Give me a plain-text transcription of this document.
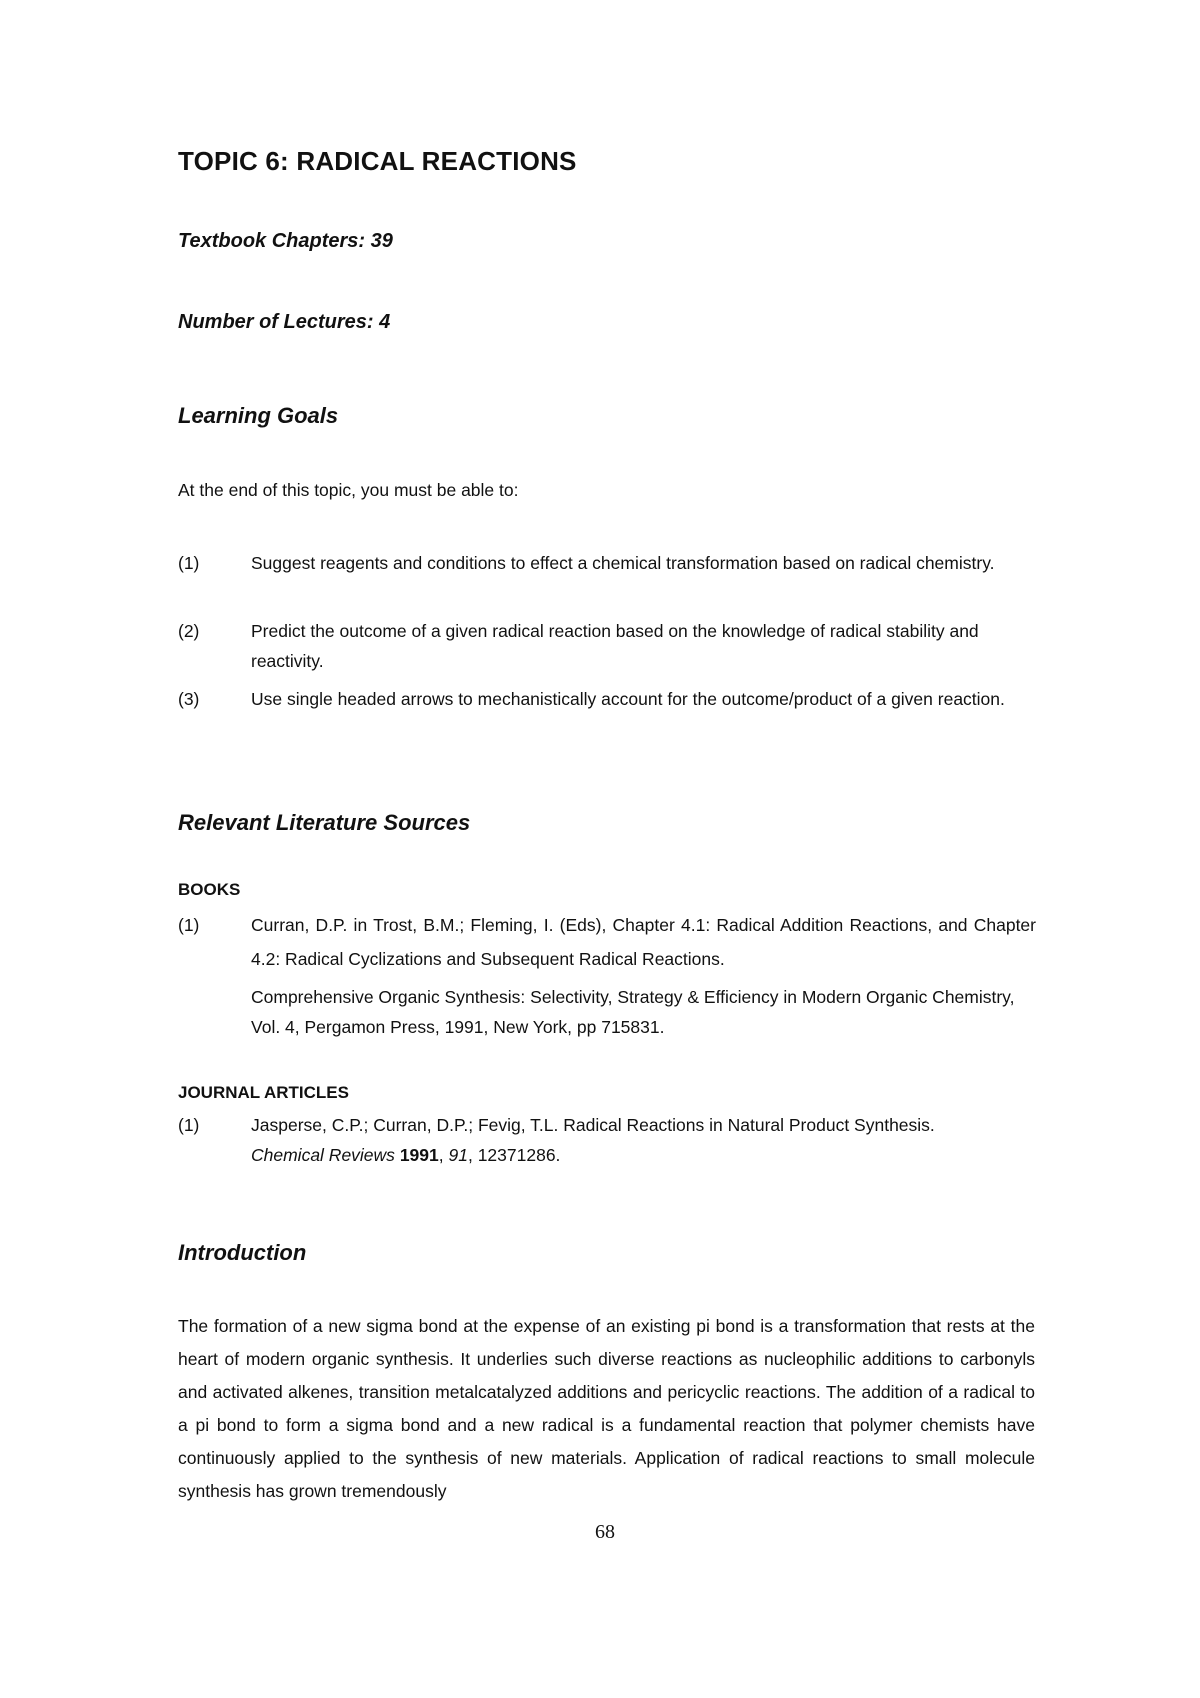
TOPIC 6: RADICAL REACTIONS

Textbook Chapters: 39

Number of Lectures: 4

Learning Goals

At the end of this topic, you must be able to:

(1)	Suggest reagents and conditions to effect a chemical transformation based on radical chemistry.
(2)	Predict the outcome of a given radical reaction based on the knowledge of radical stability and reactivity.
(3)	Use single headed arrows to mechanistically account for the outcome/product of a given reaction.
Relevant Literature Sources

BOOKS

(1)	Curran, D.P. in Trost, B.M.; Fleming, I. (Eds), Chapter 4.1: Radical Addition Reactions, and Chapter 4.2: Radical Cyclizations and Subsequent Radical Reactions.
Comprehensive Organic Synthesis: Selectivity, Strategy & Efficiency in Modern Organic Chemistry, Vol. 4, Pergamon Press, 1991, New York, pp 715831.

JOURNAL ARTICLES

(1)	Jasperse, C.P.; Curran, D.P.; Fevig, T.L. Radical Reactions in Natural Product Synthesis.
Chemical Reviews 1991, 91, 12371286.
Introduction

The formation of a new sigma bond at the expense of an existing pi bond is a transformation that rests at the heart of modern organic synthesis. It underlies such diverse reactions as nucleophilic additions to carbonyls and activated alkenes, transition metalcatalyzed additions and pericyclic reactions. The addition of a radical to a pi bond to form a sigma bond and a new radical is a fundamental reaction that polymer chemists have continuously applied to the synthesis of new materials. Application of radical reactions to small molecule synthesis has grown tremendously

68
